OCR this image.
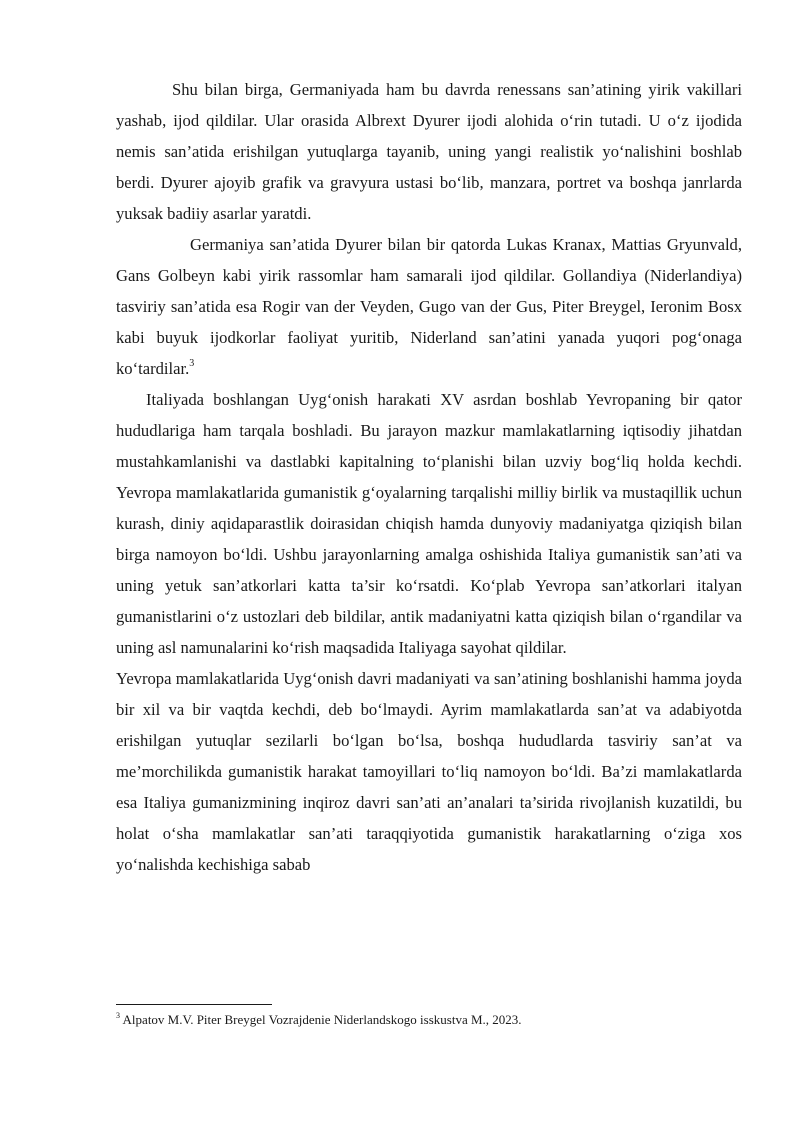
Shu bilan birga, Germaniyada ham bu davrda renessans san’atining yirik vakillari yashab, ijod qildilar. Ular orasida Albrext Dyurer ijodi alohida o‘rin tutadi. U o‘z ijodida nemis san’atida erishilgan yutuqlarga tayanib, uning yangi realistik yo‘nalishini boshlab berdi. Dyurer ajoyib grafik va gravyura ustasi bo‘lib, manzara, portret va boshqa janrlarda yuksak badiiy asarlar yaratdi.

Germaniya san’atida Dyurer bilan bir qatorda Lukas Kranax, Mattias Gryunvald, Gans Golbeyn kabi yirik rassomlar ham samarali ijod qildilar. Gollandiya (Niderlandiya) tasviriy san’atida esa Rogir van der Veyden, Gugo van der Gus, Piter Breygel, Ieronim Bosx kabi buyuk ijodkorlar faoliyat yuritib, Niderland san’atini yanada yuqori pog‘onaga ko‘tardilar.$^3$

Italiyada boshlangan Uyg‘onish harakati XV asrdan boshlab Yevropaning bir qator hududlariga ham tarqala boshladi. Bu jarayon mazkur mamlakatlarning iqtisodiy jihatdan mustahkamlanishi va dastlabki kapitalning to‘planishi bilan uzviy bog‘liq holda kechdi. Yevropa mamlakatlarida gumanistik g‘oyalarning tarqalishi milliy birlik va mustaqillik uchun kurash, diniy aqidaparastlik doirasidan chiqish hamda dunyoviy madaniyatga qiziqish bilan birga namoyon bo‘ldi. Ushbu jarayonlarning amalga oshishida Italiya gumanistik san’ati va uning yetuk san’atkorlari katta ta’sir ko‘rsatdi. Ko‘plab Yevropa san’atkorlari italyan gumanistlarini o‘z ustozlari deb bildilar, antik madaniyatni katta qiziqish bilan o‘rgandilar va uning asl namunalarini ko‘rish maqsadida Italiyaga sayohat qildilar.

Yevropa mamlakatlarida Uyg‘onish davri madaniyati va san’atining boshlanishi hamma joyda bir xil va bir vaqtda kechdi, deb bo‘lmaydi. Ayrim mamlakatlarda san’at va adabiyotda erishilgan yutuqlar sezilarli bo‘lgan bo‘lsa, boshqa hududlarda tasviriy san’at va me’morchilikda gumanistik harakat tamoyillari to‘liq namoyon bo‘ldi. Ba’zi mamlakatlarda esa Italiya gumanizmining inqiroz davri san’ati an’analari ta’sirida rivojlanish kuzatildi, bu holat o‘sha mamlakatlar san’ati taraqqiyotida gumanistik harakatlarning o‘ziga xos yo‘nalishda kechishiga sabab

$^3$ Alpatov M.V. Piter Breygel Vozrajdenie Niderlandskogo isskustva M., 2023.
